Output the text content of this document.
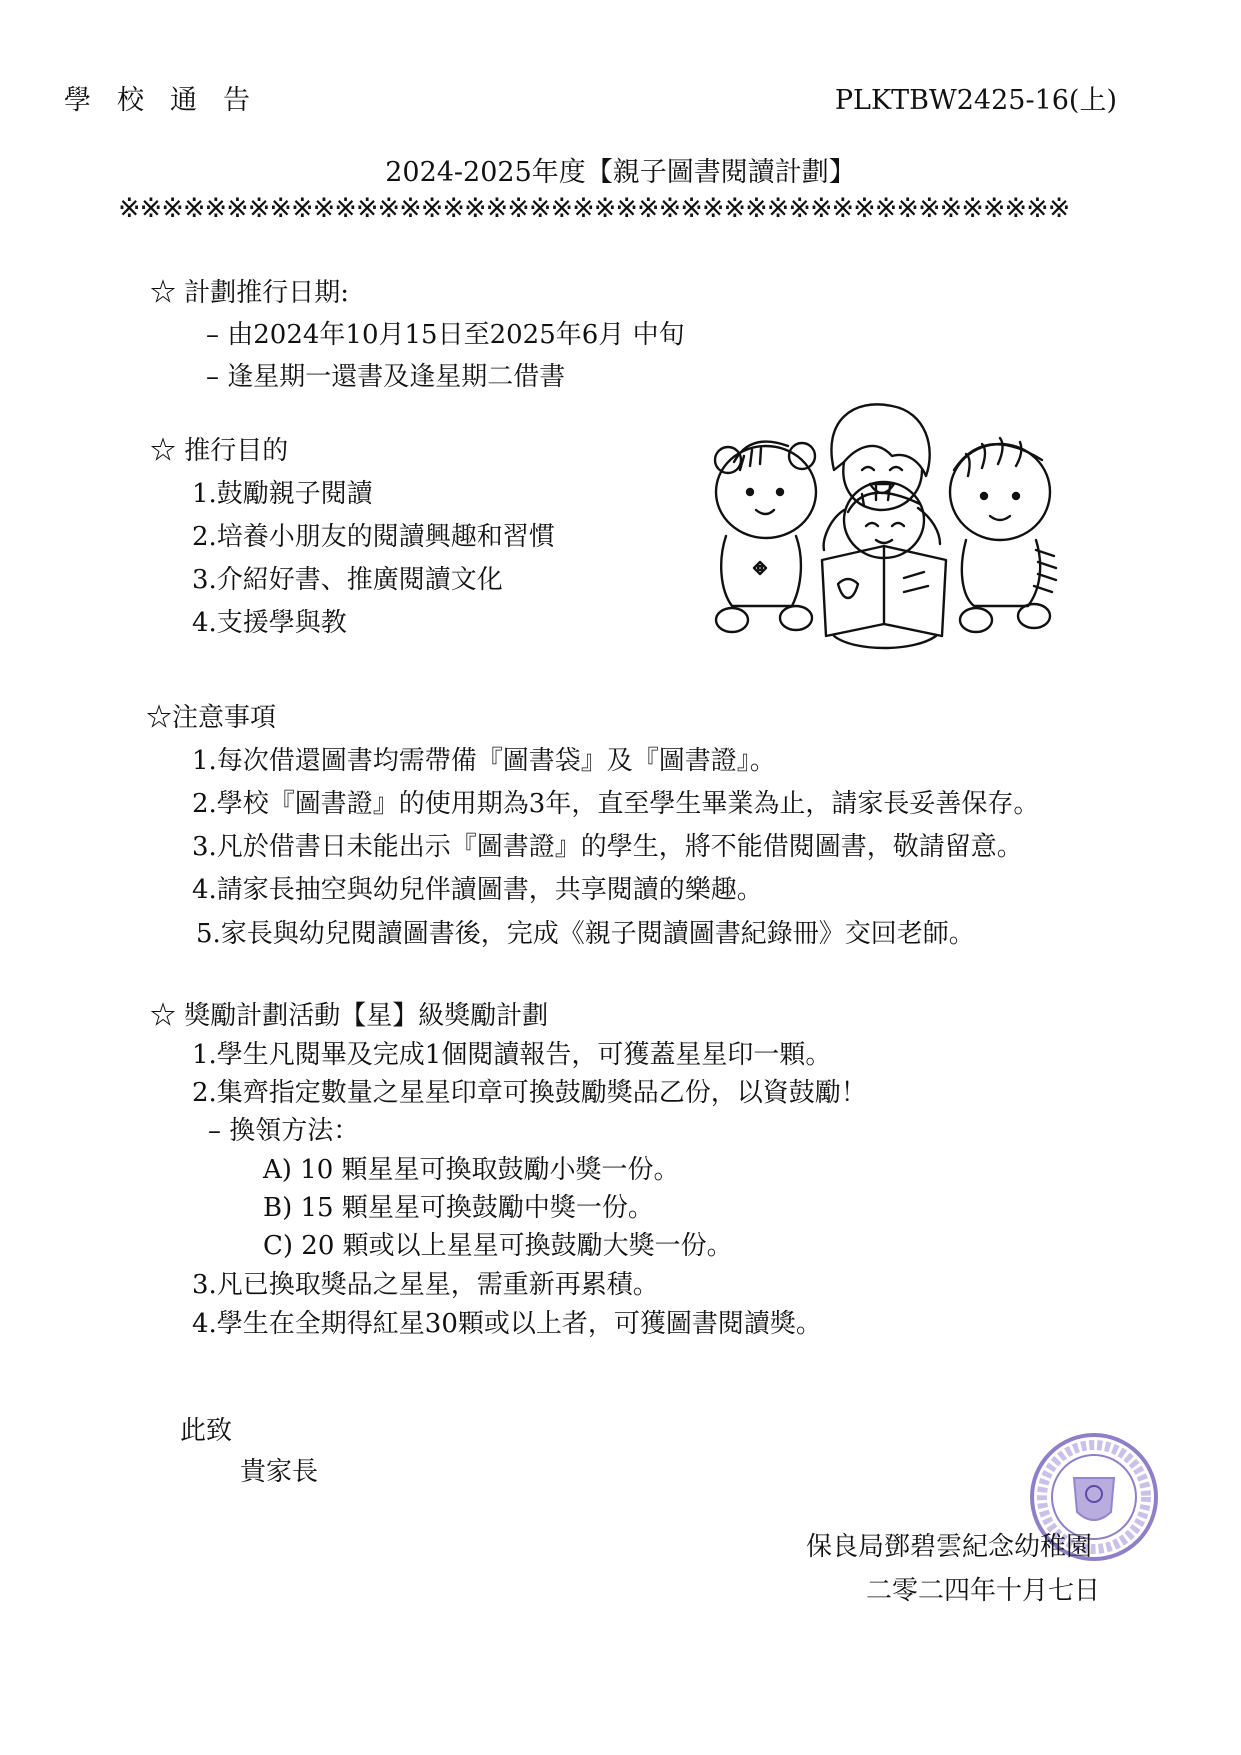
學校通告	PLKTBW2425-16(上)
2024-2025年度【親子圖書閱讀計劃】
※※※※※※※※※※※※※※※※※※※※※※※※※※※※※※※※※※※※※※※※※※※※
☆ 計劃推行日期:
– 由2024年10月15日至2025年6月 中旬
– 逢星期一還書及逢星期二借書
☆ 推行目的
1.鼓勵親子閱讀
2.培養小朋友的閱讀興趣和習慣
3.介紹好書、推廣閱讀文化
4.支援學與教
☆注意事項
1.每次借還圖書均需帶備『圖書袋』及『圖書證』。
2.學校『圖書證』的使用期為3年，直至學生畢業為止，請家長妥善保存。
3.凡於借書日未能出示『圖書證』的學生，將不能借閱圖書，敬請留意。
4.請家長抽空與幼兒伴讀圖書，共享閱讀的樂趣。
5.家長與幼兒閱讀圖書後，完成《親子閱讀圖書紀錄冊》交回老師。
☆ 獎勵計劃活動【星】級獎勵計劃
1.學生凡閱畢及完成1個閱讀報告，可獲蓋星星印一顆。
2.集齊指定數量之星星印章可換鼓勵獎品乙份，以資鼓勵！
– 換領方法：
A) 10 顆星星可換取鼓勵小獎一份。
B) 15 顆星星可換鼓勵中獎一份。
C) 20 顆或以上星星可換鼓勵大獎一份。
3.凡已換取獎品之星星，需重新再累積。
4.學生在全期得紅星30顆或以上者，可獲圖書閱讀獎。
此致
貴家長
保良局鄧碧雲紀念幼稚園
二零二四年十月七日
